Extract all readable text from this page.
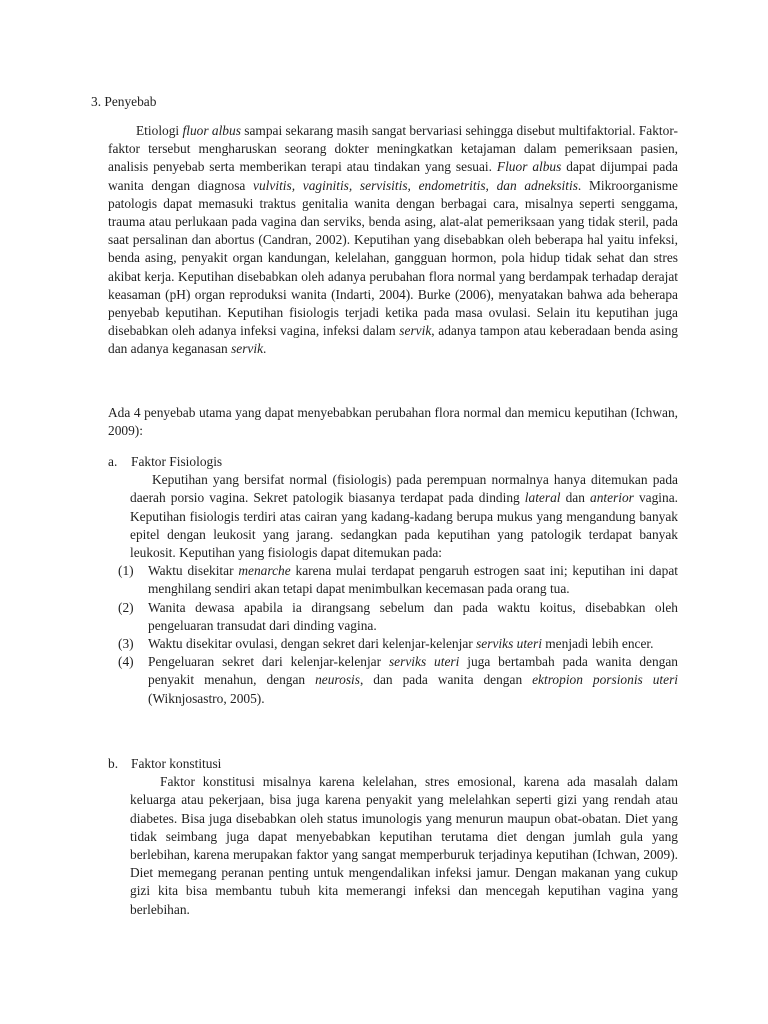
3. Penyebab

Etiologi fluor albus sampai sekarang masih sangat bervariasi sehingga disebut multifaktorial. Faktor-faktor tersebut mengharuskan seorang dokter meningkatkan ketajaman dalam pemeriksaan pasien, analisis penyebab serta memberikan terapi atau tindakan yang sesuai. Fluor albus dapat dijumpai pada wanita dengan diagnosa vulvitis, vaginitis, servisitis, endometritis, dan adneksitis. Mikroorganisme patologis dapat memasuki traktus genitalia wanita dengan berbagai cara, misalnya seperti senggama, trauma atau perlukaan pada vagina dan serviks, benda asing, alat-alat pemeriksaan yang tidak steril, pada saat persalinan dan abortus (Candran, 2002). Keputihan yang disebabkan oleh beberapa hal yaitu infeksi, benda asing, penyakit organ kandungan, kelelahan, gangguan hormon, pola hidup tidak sehat dan stres akibat kerja. Keputihan disebabkan oleh adanya perubahan flora normal yang berdampak terhadap derajat keasaman (pH) organ reproduksi wanita (Indarti, 2004). Burke (2006), menyatakan bahwa ada beherapa penyebab keputihan. Keputihan fisiologis terjadi ketika pada masa ovulasi. Selain itu keputihan juga disebabkan oleh adanya infeksi vagina, infeksi dalam servik, adanya tampon atau keberadaan benda asing dan adanya keganasan servik.

Ada 4 penyebab utama yang dapat menyebabkan perubahan flora normal dan memicu keputihan (Ichwan, 2009):

a.	Faktor Fisiologis

Keputihan yang bersifat normal (fisiologis) pada perempuan normalnya hanya ditemukan pada daerah porsio vagina. Sekret patologik biasanya terdapat pada dinding lateral dan anterior vagina. Keputihan fisiologis terdiri atas cairan yang kadang-kadang berupa mukus yang mengandung banyak epitel dengan leukosit yang jarang. sedangkan pada keputihan yang patologik terdapat banyak leukosit. Keputihan yang fisiologis dapat ditemukan pada:

(1)	Waktu disekitar menarche karena mulai terdapat pengaruh estrogen saat ini; keputihan ini dapat menghilang sendiri akan tetapi dapat menimbulkan kecemasan pada orang tua.
(2)	Wanita dewasa apabila ia dirangsang sebelum dan pada waktu koitus, disebabkan oleh pengeluaran transudat dari dinding vagina.
(3)	Waktu disekitar ovulasi, dengan sekret dari kelenjar-kelenjar serviks uteri menjadi lebih encer.
(4)	Pengeluaran sekret dari kelenjar-kelenjar serviks uteri juga bertambah pada wanita dengan penyakit menahun, dengan neurosis, dan pada wanita dengan ektropion porsionis uteri (Wiknjosastro, 2005).
b. Faktor konstitusi

Faktor konstitusi misalnya karena kelelahan, stres emosional, karena ada masalah dalam keluarga atau pekerjaan, bisa juga karena penyakit yang melelahkan seperti gizi yang rendah atau diabetes. Bisa juga disebabkan oleh status imunologis yang menurun maupun obat-obatan. Diet yang tidak seimbang juga dapat menyebabkan keputihan terutama diet dengan jumlah gula yang berlebihan, karena merupakan faktor yang sangat memperburuk terjadinya keputihan (Ichwan, 2009). Diet memegang peranan penting untuk mengendalikan infeksi jamur. Dengan makanan yang cukup gizi kita bisa membantu tubuh kita memerangi infeksi dan mencegah keputihan vagina yang berlebihan.
